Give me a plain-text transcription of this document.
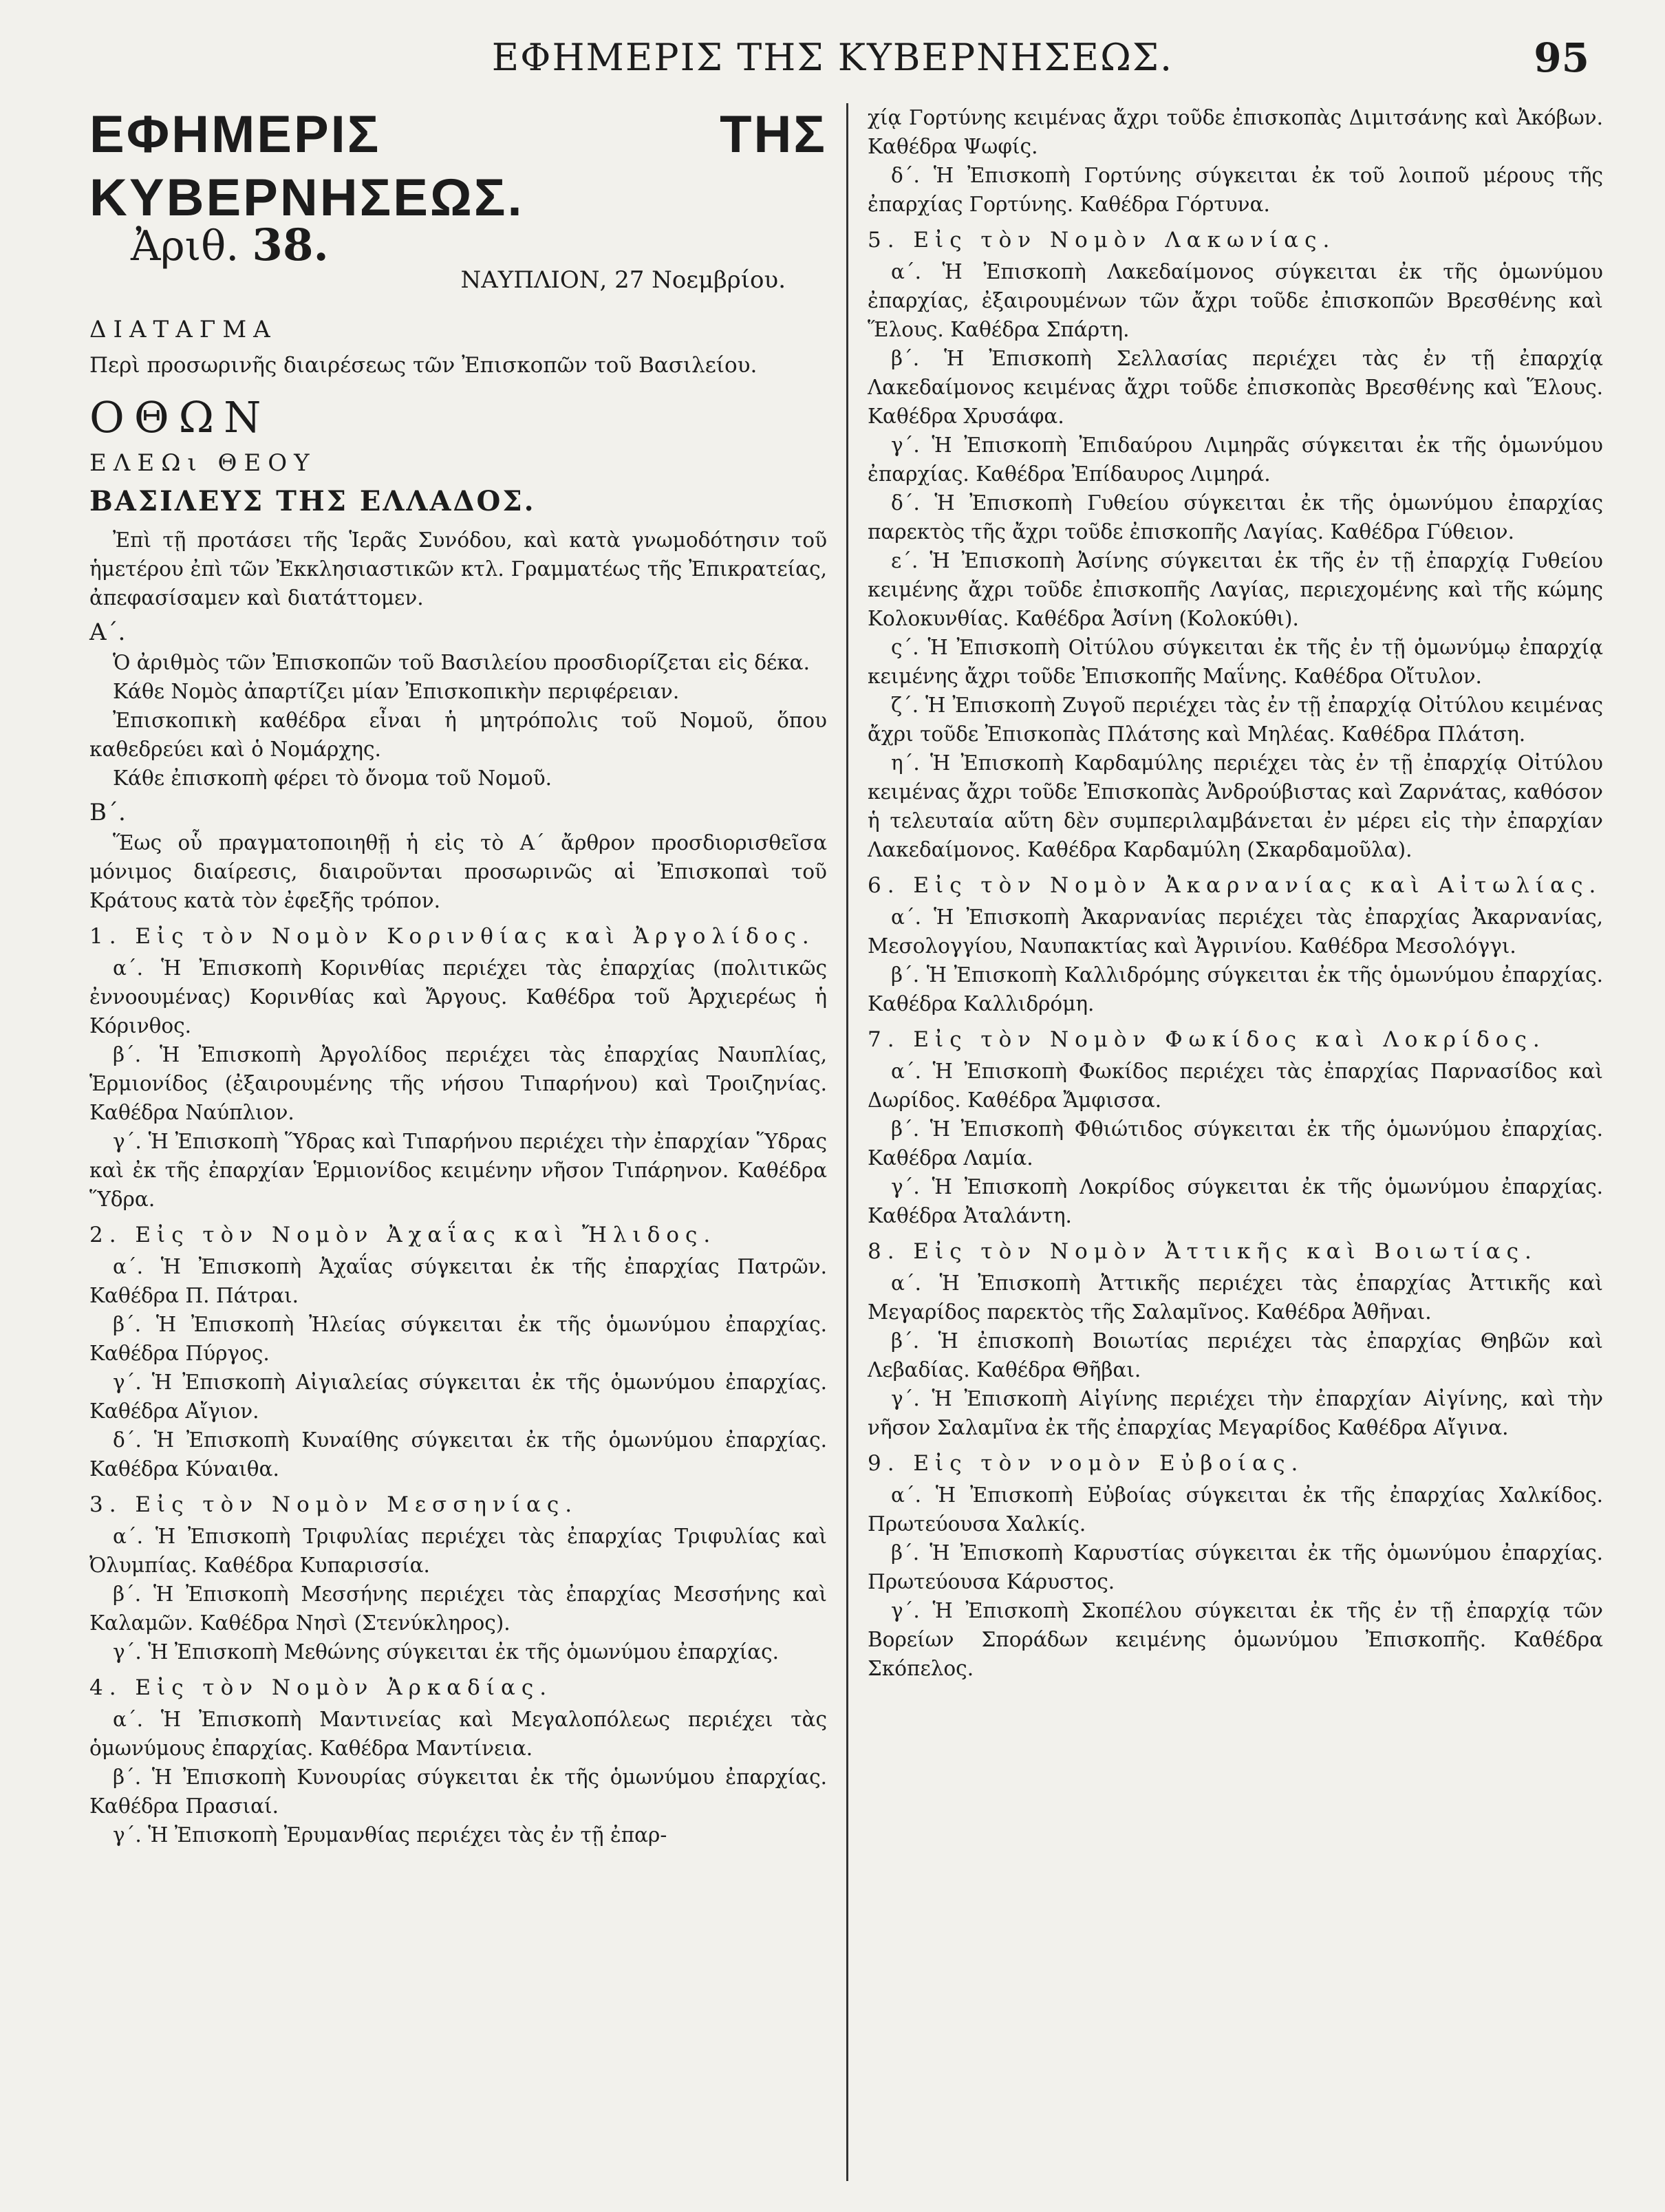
ΕΦΗΜΕΡΙΣ ΤΗΣ ΚΥΒΕΡΝΗΣΕΩΣ.	95

ΕΦΗΜΕΡΙΣ ΤΗΣ ΚΥΒΕΡΝΗΣΕΩΣ.

Ἀριθ. 38.
ΝΑΥΠΛΙΟΝ, 27 Νοεμβρίου.

ΔΙΑΤΑΓΜΑ

Περὶ προσωρινῆς διαιρέσεως τῶν Ἐπισκοπῶν τοῦ Βασιλείου.

ΟΘΩΝ

ΕΛΕΩι ΘΕΟΥ

ΒΑΣΙΛΕΥΣ ΤΗΣ ΕΛΛΑΔΟΣ.

Ἐπὶ τῇ προτάσει τῆς Ἱερᾶς Συνόδου, καὶ κατὰ γνωμοδότησιν τοῦ ἡμετέρου ἐπὶ τῶν Ἐκκλησιαστικῶν κτλ. Γραμματέως τῆς Ἐπικρατείας, ἀπεφασίσαμεν καὶ διατάττομεν.

Α΄.

Ὁ ἀριθμὸς τῶν Ἐπισκοπῶν τοῦ Βασιλείου προσδιορίζεται εἰς δέκα.

Κάθε Νομὸς ἀπαρτίζει μίαν Ἐπισκοπικὴν περιφέρειαν.

Ἐπισκοπικὴ καθέδρα εἶναι ἡ μητρόπολις τοῦ Νομοῦ, ὅπου καθεδρεύει καὶ ὁ Νομάρχης.

Κάθε ἐπισκοπὴ φέρει τὸ ὄνομα τοῦ Νομοῦ.

Β΄.

Ἕως οὗ πραγματοποιηθῇ ἡ εἰς τὸ Α΄ ἄρθρον προσδιορισθεῖσα μόνιμος διαίρεσις, διαιροῦνται προσωρινῶς αἱ Ἐπισκοπαὶ τοῦ Κράτους κατὰ τὸν ἐφεξῆς τρόπον.

1. Εἰς τὸν Νομὸν Κορινθίας καὶ Ἀργολίδος.

α΄. Ἡ Ἐπισκοπὴ Κορινθίας περιέχει τὰς ἐπαρχίας (πολιτικῶς ἐννοουμένας) Κορινθίας καὶ Ἄργους. Καθέδρα τοῦ Ἀρχιερέως ἡ Κόρινθος.

β΄. Ἡ Ἐπισκοπὴ Ἀργολίδος περιέχει τὰς ἐπαρχίας Ναυπλίας, Ἑρμιονίδος (ἐξαιρουμένης τῆς νήσου Τιπαρήνου) καὶ Τροιζηνίας. Καθέδρα Ναύπλιον.

γ΄. Ἡ Ἐπισκοπὴ Ὕδρας καὶ Τιπαρήνου περιέχει τὴν ἐπαρχίαν Ὕδρας καὶ ἐκ τῆς ἐπαρχίαν Ἑρμιονίδος κειμένην νῆσον Τιπάρηνον. Καθέδρα Ὕδρα.

2. Εἰς τὸν Νομὸν Ἀχαΐας καὶ Ἤλιδος.

α΄. Ἡ Ἐπισκοπὴ Ἀχαΐας σύγκειται ἐκ τῆς ἐπαρχίας Πατρῶν. Καθέδρα Π. Πάτραι.

β΄. Ἡ Ἐπισκοπὴ Ἠλείας σύγκειται ἐκ τῆς ὁμωνύμου ἐπαρχίας. Καθέδρα Πύργος.

γ΄. Ἡ Ἐπισκοπὴ Αἰγιαλείας σύγκειται ἐκ τῆς ὁμωνύμου ἐπαρχίας. Καθέδρα Αἴγιον.

δ΄. Ἡ Ἐπισκοπὴ Κυναίθης σύγκειται ἐκ τῆς ὁμωνύμου ἐπαρχίας. Καθέδρα Κύναιθα.

3. Εἰς τὸν Νομὸν Μεσσηνίας.

α΄. Ἡ Ἐπισκοπὴ Τριφυλίας περιέχει τὰς ἐπαρχίας Τριφυλίας καὶ Ὀλυμπίας. Καθέδρα Κυπαρισσία.

β΄. Ἡ Ἐπισκοπὴ Μεσσήνης περιέχει τὰς ἐπαρχίας Μεσσήνης καὶ Καλαμῶν. Καθέδρα Νησὶ (Στενύκληρος).

γ΄. Ἡ Ἐπισκοπὴ Μεθώνης σύγκειται ἐκ τῆς ὁμωνύμου ἐπαρχίας.

4. Εἰς τὸν Νομὸν Ἀρκαδίας.

α΄. Ἡ Ἐπισκοπὴ Μαντινείας καὶ Μεγαλοπόλεως περιέχει τὰς ὁμωνύμους ἐπαρχίας. Καθέδρα Μαντίνεια.

β΄. Ἡ Ἐπισκοπὴ Κυνουρίας σύγκειται ἐκ τῆς ὁμωνύμου ἐπαρχίας. Καθέδρα Πρασιαί.

γ΄. Ἡ Ἐπισκοπὴ Ἐρυμανθίας περιέχει τὰς ἐν τῇ ἐπαρ-

χίᾳ Γορτύνης κειμένας ἄχρι τοῦδε ἐπισκοπὰς Διμιτσάνης καὶ Ἀκόβων. Καθέδρα Ψωφίς.

δ΄. Ἡ Ἐπισκοπὴ Γορτύνης σύγκειται ἐκ τοῦ λοιποῦ μέρους τῆς ἐπαρχίας Γορτύνης. Καθέδρα Γόρτυνα.

5. Εἰς τὸν Νομὸν Λακωνίας.

α΄. Ἡ Ἐπισκοπὴ Λακεδαίμονος σύγκειται ἐκ τῆς ὁμωνύμου ἐπαρχίας, ἐξαιρουμένων τῶν ἄχρι τοῦδε ἐπισκοπῶν Βρεσθένης καὶ Ἕλους. Καθέδρα Σπάρτη.

β΄. Ἡ Ἐπισκοπὴ Σελλασίας περιέχει τὰς ἐν τῇ ἐπαρχίᾳ Λακεδαίμονος κειμένας ἄχρι τοῦδε ἐπισκοπὰς Βρεσθένης καὶ Ἕλους. Καθέδρα Χρυσάφα.

γ΄. Ἡ Ἐπισκοπὴ Ἐπιδαύρου Λιμηρᾶς σύγκειται ἐκ τῆς ὁμωνύμου ἐπαρχίας. Καθέδρα Ἐπίδαυρος Λιμηρά.

δ΄. Ἡ Ἐπισκοπὴ Γυθείου σύγκειται ἐκ τῆς ὁμωνύμου ἐπαρχίας παρεκτὸς τῆς ἄχρι τοῦδε ἐπισκοπῆς Λαγίας. Καθέδρα Γύθειον.

ε΄. Ἡ Ἐπισκοπὴ Ἀσίνης σύγκειται ἐκ τῆς ἐν τῇ ἐπαρχίᾳ Γυθείου κειμένης ἄχρι τοῦδε ἐπισκοπῆς Λαγίας, περιεχομένης καὶ τῆς κώμης Κολοκυνθίας. Καθέδρα Ἀσίνη (Κολοκύθι).

ς΄. Ἡ Ἐπισκοπὴ Οἰτύλου σύγκειται ἐκ τῆς ἐν τῇ ὁμωνύμῳ ἐπαρχίᾳ κειμένης ἄχρι τοῦδε Ἐπισκοπῆς Μαΐνης. Καθέδρα Οἴτυλον.

ζ΄. Ἡ Ἐπισκοπὴ Ζυγοῦ περιέχει τὰς ἐν τῇ ἐπαρχίᾳ Οἰτύλου κειμένας ἄχρι τοῦδε Ἐπισκοπὰς Πλάτσης καὶ Μηλέας. Καθέδρα Πλάτση.

η΄. Ἡ Ἐπισκοπὴ Καρδαμύλης περιέχει τὰς ἐν τῇ ἐπαρχίᾳ Οἰτύλου κειμένας ἄχρι τοῦδε Ἐπισκοπὰς Ἀνδρούβιστας καὶ Ζαρνάτας, καθόσον ἡ τελευταία αὕτη δὲν συμπεριλαμβάνεται ἐν μέρει εἰς τὴν ἐπαρχίαν Λακεδαίμονος. Καθέδρα Καρδαμύλη (Σκαρδαμοῦλα).

6. Εἰς τὸν Νομὸν Ἀκαρνανίας καὶ Αἰτωλίας.

α΄. Ἡ Ἐπισκοπὴ Ἀκαρνανίας περιέχει τὰς ἐπαρχίας Ἀκαρνανίας, Μεσολογγίου, Ναυπακτίας καὶ Ἀγρινίου. Καθέδρα Μεσολόγγι.

β΄. Ἡ Ἐπισκοπὴ Καλλιδρόμης σύγκειται ἐκ τῆς ὁμωνύμου ἐπαρχίας. Καθέδρα Καλλιδρόμη.

7. Εἰς τὸν Νομὸν Φωκίδος καὶ Λοκρίδος.

α΄. Ἡ Ἐπισκοπὴ Φωκίδος περιέχει τὰς ἐπαρχίας Παρνασίδος καὶ Δωρίδος. Καθέδρα Ἄμφισσα.

β΄. Ἡ Ἐπισκοπὴ Φθιώτιδος σύγκειται ἐκ τῆς ὁμωνύμου ἐπαρχίας. Καθέδρα Λαμία.

γ΄. Ἡ Ἐπισκοπὴ Λοκρίδος σύγκειται ἐκ τῆς ὁμωνύμου ἐπαρχίας. Καθέδρα Ἀταλάντη.

8. Εἰς τὸν Νομὸν Ἀττικῆς καὶ Βοιωτίας.

α΄. Ἡ Ἐπισκοπὴ Ἀττικῆς περιέχει τὰς ἐπαρχίας Ἀττικῆς καὶ Μεγαρίδος παρεκτὸς τῆς Σαλαμῖνος. Καθέδρα Ἀθῆναι.

β΄. Ἡ ἐπισκοπὴ Βοιωτίας περιέχει τὰς ἐπαρχίας Θηβῶν καὶ Λεβαδίας. Καθέδρα Θῆβαι.

γ΄. Ἡ Ἐπισκοπὴ Αἰγίνης περιέχει τὴν ἐπαρχίαν Αἰγίνης, καὶ τὴν νῆσον Σαλαμῖνα ἐκ τῆς ἐπαρχίας Μεγαρίδος Καθέδρα Αἴγινα.

9. Εἰς τὸν νομὸν Εὐβοίας.

α΄. Ἡ Ἐπισκοπὴ Εὐβοίας σύγκειται ἐκ τῆς ἐπαρχίας Χαλκίδος. Πρωτεύουσα Χαλκίς.

β΄. Ἡ Ἐπισκοπὴ Καρυστίας σύγκειται ἐκ τῆς ὁμωνύμου ἐπαρχίας. Πρωτεύουσα Κάρυστος.

γ΄. Ἡ Ἐπισκοπὴ Σκοπέλου σύγκειται ἐκ τῆς ἐν τῇ ἐπαρχίᾳ τῶν Βορείων Σποράδων κειμένης ὁμωνύμου Ἐπισκοπῆς. Καθέδρα Σκόπελος.
